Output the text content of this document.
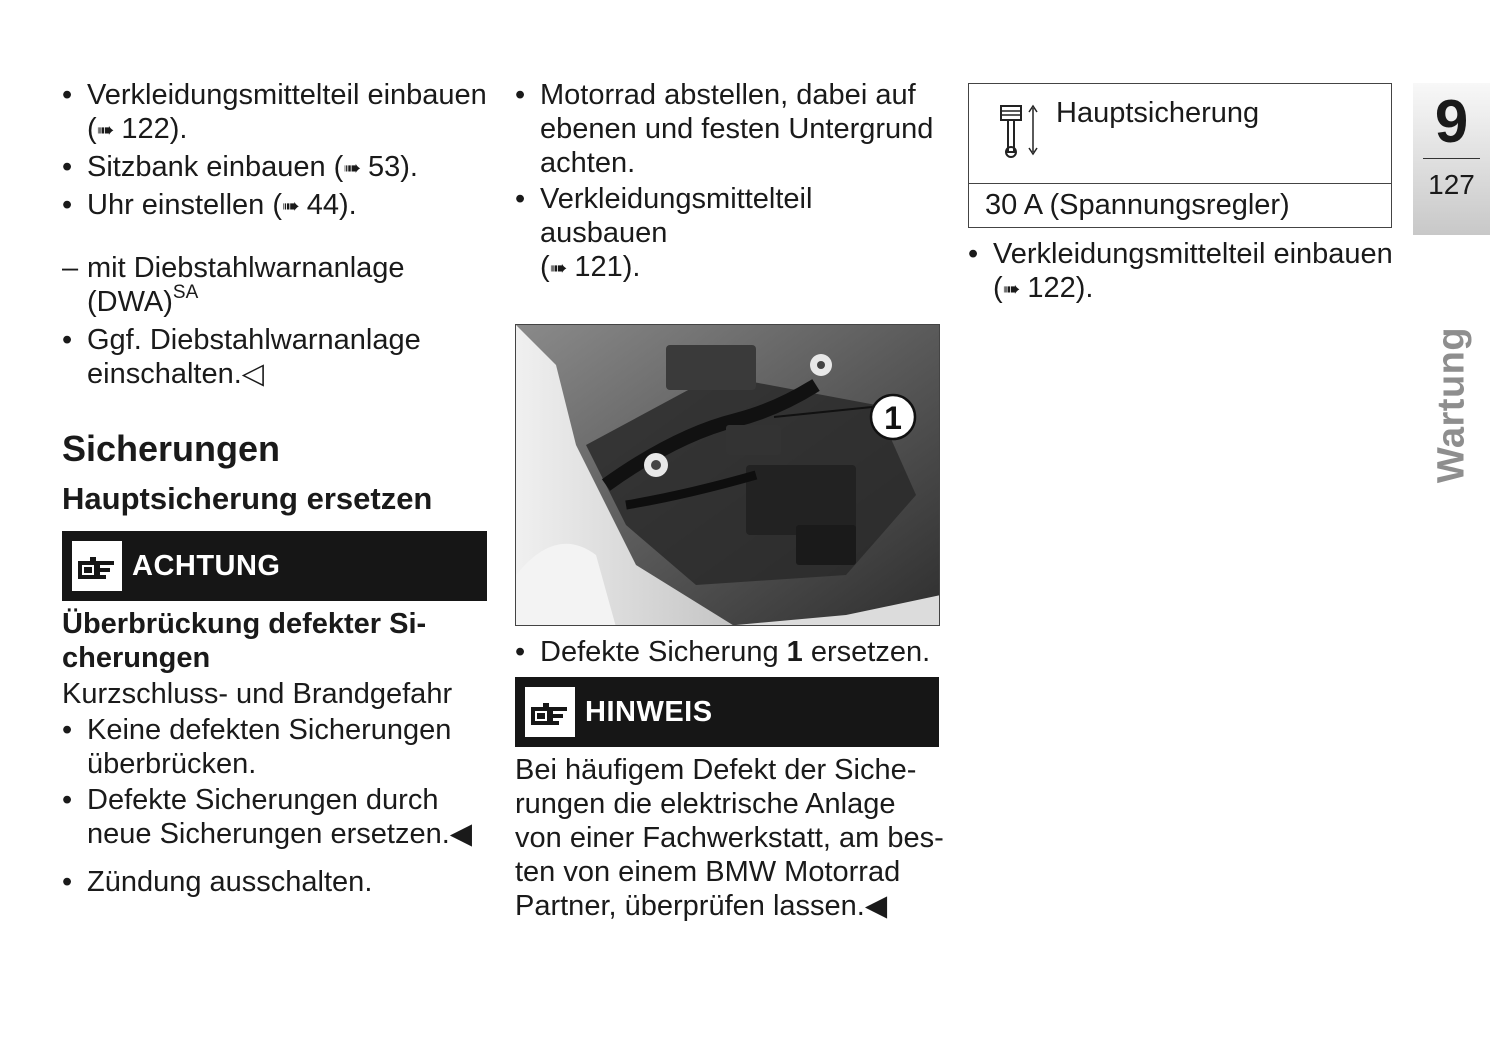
• Verkleidungsmittelteil einbauen
(➠ 122).
• Sitzbank einbauen (➠ 53).
• Uhr einstellen (➠ 44).
– mit Diebstahlwarnanlage
(DWA)$^{SA}$
• Ggf. Diebstahlwarnanlage
einschalten.◁
Sicherungen
Hauptsicherung ersetzen
ACHTUNG
Überbrückung defekter Si-
cherungen
Kurzschluss- und Brandgefahr
• Keine defekten Sicherungen
überbrücken.
• Defekte Sicherungen durch
neue Sicherungen ersetzen.◀
• Zündung ausschalten.
• Motorrad abstellen, dabei auf
ebenen und festen Untergrund
achten.
• Verkleidungsmittelteil ausbauen
(➠ 121).
1
• Defekte Sicherung 1 ersetzen.
HINWEIS
Bei häufigem Defekt der Siche-
rungen die elektrische Anlage
von einer Fachwerkstatt, am bes-
ten von einem BMW Motorrad
Partner, überprüfen lassen.◀
Hauptsicherung
30 A (Spannungsregler)
• Verkleidungsmittelteil einbauen
(➠ 122).
9
127
Wartung
